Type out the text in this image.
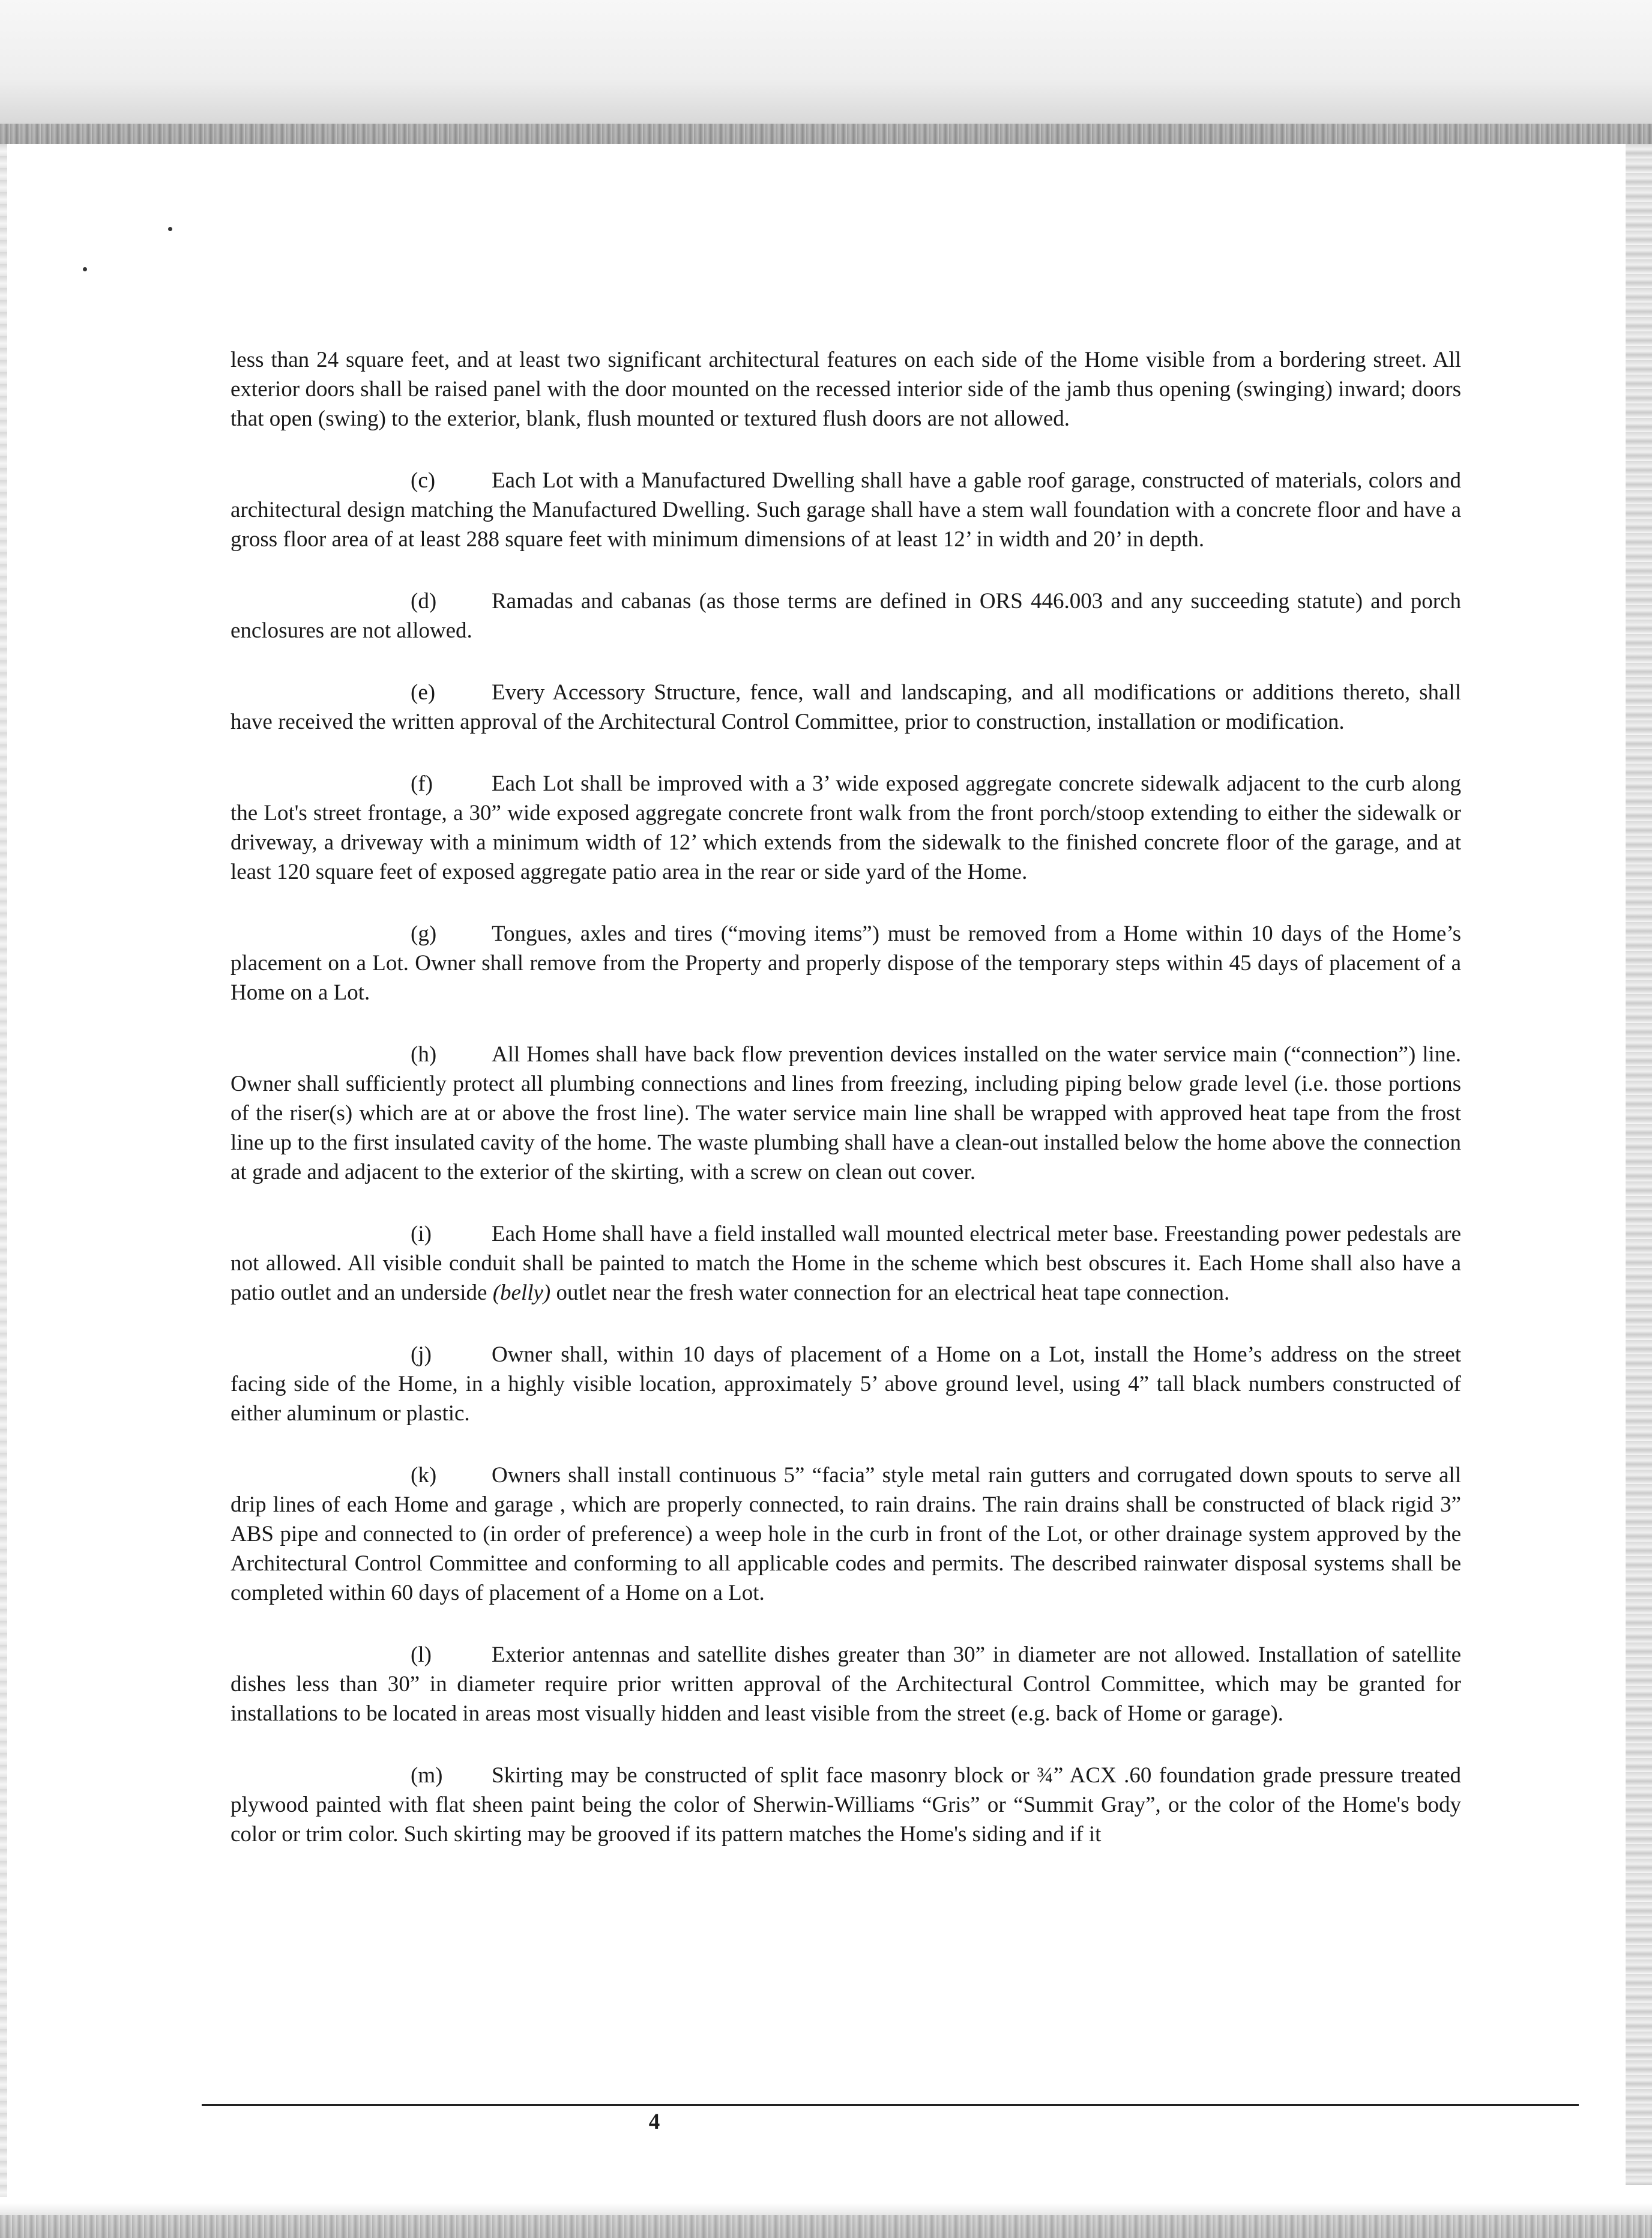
less than 24 square feet, and at least two significant architectural features on each side of the Home visible from a bordering street. All exterior doors shall be raised panel with the door mounted on the recessed interior side of the jamb thus opening (swinging) inward; doors that open (swing) to the exterior, blank, flush mounted or textured flush doors are not allowed.

(c)	Each Lot with a Manufactured Dwelling shall have a gable roof garage, constructed of materials, colors and architectural design matching the Manufactured Dwelling. Such garage shall have a stem wall foundation with a concrete floor and have a gross floor area of at least 288 square feet with minimum dimensions of at least 12’ in width and 20’ in depth.

(d) Ramadas and cabanas (as those terms are defined in ORS 446.003 and any succeeding statute) and porch enclosures are not allowed.

(e)	Every Accessory Structure, fence, wall and landscaping, and all modifications or additions thereto, shall have received the written approval of the Architectural Control Committee, prior to construction, installation or modification.

(f)	Each Lot shall be improved with a 3’ wide exposed aggregate concrete sidewalk adjacent to the curb along the Lot's street frontage, a 30” wide exposed aggregate concrete front walk from the front porch/stoop extending to either the sidewalk or driveway, a driveway with a minimum width of 12’ which extends from the sidewalk to the finished concrete floor of the garage, and at least 120 square feet of exposed aggregate patio area in the rear or side yard of the Home.

(g) Tongues, axles and tires (“moving items”) must be removed from a Home within 10 days of the Home’s placement on a Lot. Owner shall remove from the Property and properly dispose of the temporary steps within 45 days of placement of a Home on a Lot.

(h) All Homes shall have back flow prevention devices installed on the water service main (“connection”) line. Owner shall sufficiently protect all plumbing connections and lines from freezing, including piping below grade level (i.e. those portions of the riser(s) which are at or above the frost line). The water service main line shall be wrapped with approved heat tape from the frost line up to the first insulated cavity of the home. The waste plumbing shall have a clean-out installed below the home above the connection at grade and adjacent to the exterior of the skirting, with a screw on clean out cover.

(i)	Each Home shall have a field installed wall mounted electrical meter base. Freestanding power pedestals are not allowed. All visible conduit shall be painted to match the Home in the scheme which best obscures it. Each Home shall also have a patio outlet and an underside (belly) outlet near the fresh water connection for an electrical heat tape connection.

(j)	Owner shall, within 10 days of placement of a Home on a Lot, install the Home’s address on the street facing side of the Home, in a highly visible location, approximately 5’ above ground level, using 4” tall black numbers constructed of either aluminum or plastic.

(k) Owners shall install continuous 5” “facia” style metal rain gutters and corrugated down spouts to serve all drip lines of each Home and garage , which are properly connected, to rain drains. The rain drains shall be constructed of black rigid 3” ABS pipe and connected to (in order of preference) a weep hole in the curb in front of the Lot, or other drainage system approved by the Architectural Control Committee and conforming to all applicable codes and permits. The described rainwater disposal systems shall be completed within 60 days of placement of a Home on a Lot.

(l)	Exterior antennas and satellite dishes greater than 30” in diameter are not allowed. Installation of satellite dishes less than 30” in diameter require prior written approval of the Architectural Control Committee, which may be granted for installations to be located in areas most visually hidden and least visible from the street (e.g. back of Home or garage).

(m) Skirting may be constructed of split face masonry block or ¾” ACX .60 foundation grade pressure treated plywood painted with flat sheen paint being the color of Sherwin-Williams “Gris” or “Summit Gray”, or the color of the Home's body color or trim color. Such skirting may be grooved if its pattern matches the Home's siding and if it

4
